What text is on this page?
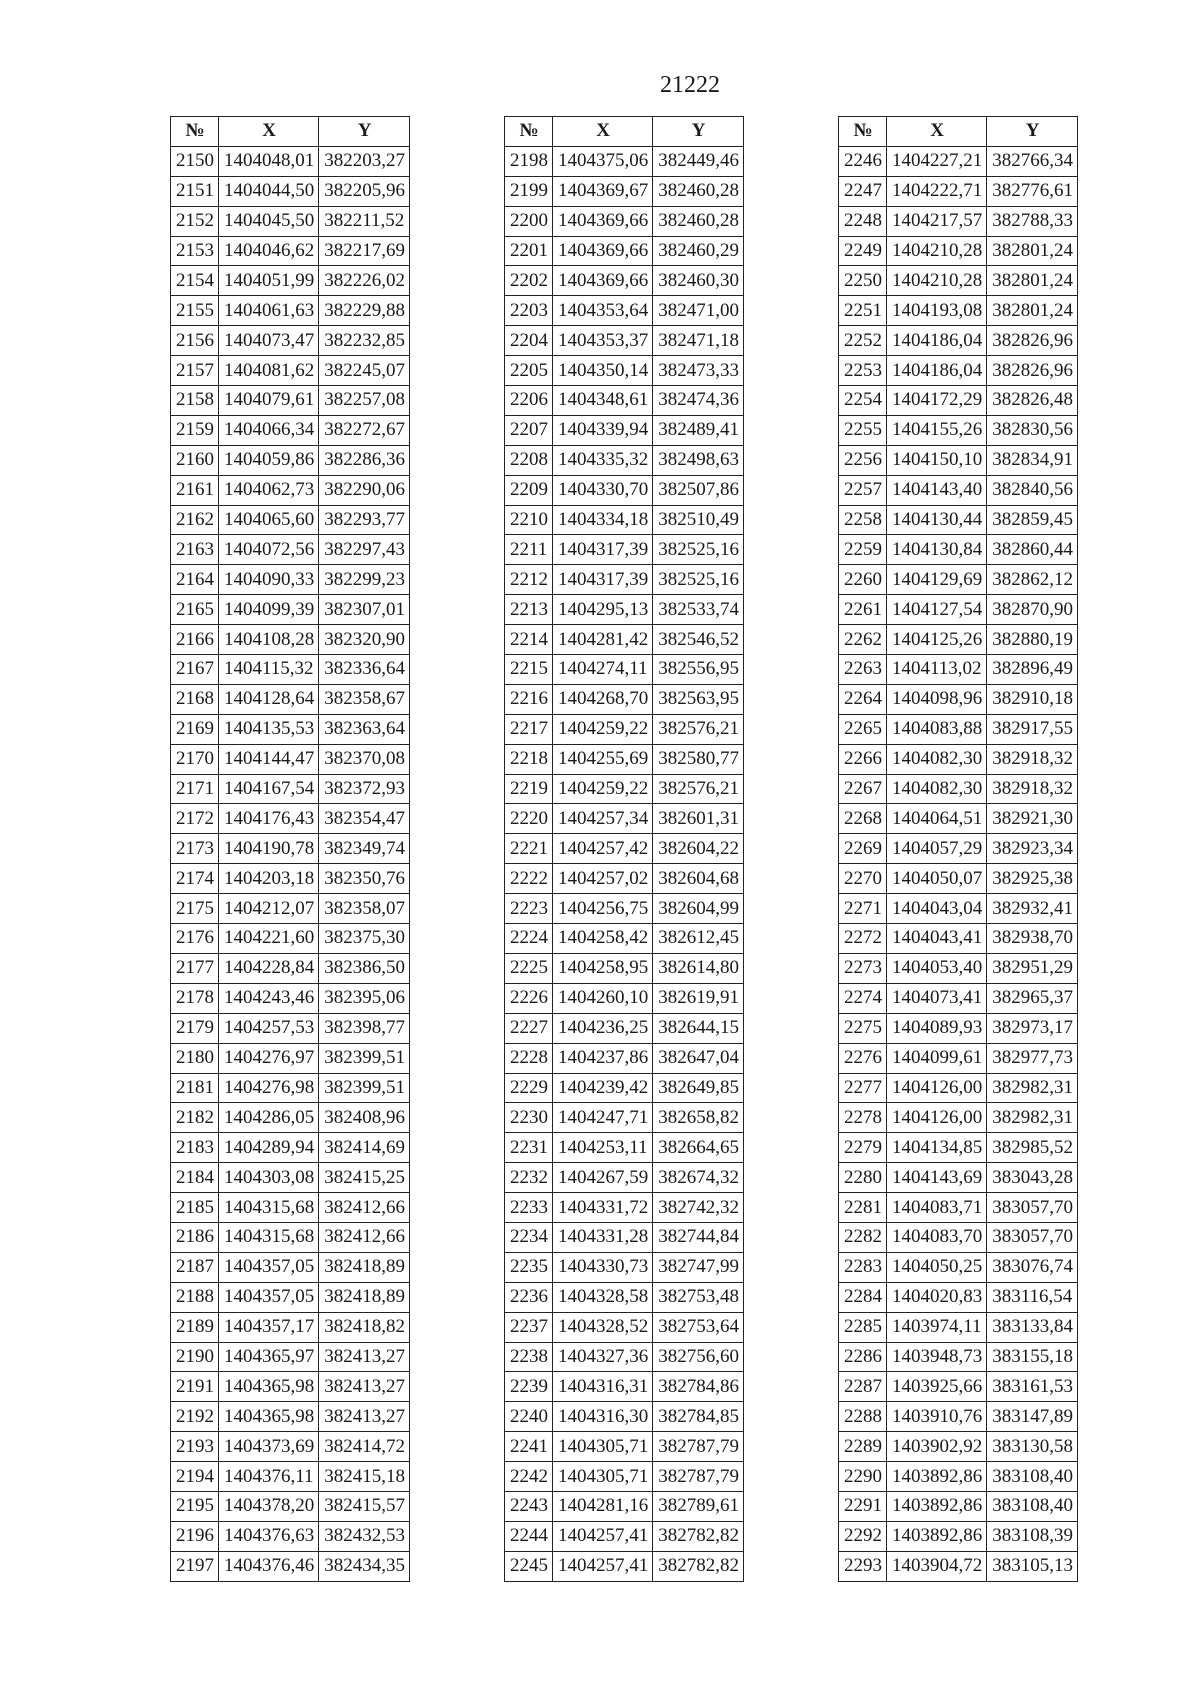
21222
№	X	Y
2150	1404048,01	382203,27
2151	1404044,50	382205,96
2152	1404045,50	382211,52
2153	1404046,62	382217,69
2154	1404051,99	382226,02
2155	1404061,63	382229,88
2156	1404073,47	382232,85
2157	1404081,62	382245,07
2158	1404079,61	382257,08
2159	1404066,34	382272,67
2160	1404059,86	382286,36
2161	1404062,73	382290,06
2162	1404065,60	382293,77
2163	1404072,56	382297,43
2164	1404090,33	382299,23
2165	1404099,39	382307,01
2166	1404108,28	382320,90
2167	1404115,32	382336,64
2168	1404128,64	382358,67
2169	1404135,53	382363,64
2170	1404144,47	382370,08
2171	1404167,54	382372,93
2172	1404176,43	382354,47
2173	1404190,78	382349,74
2174	1404203,18	382350,76
2175	1404212,07	382358,07
2176	1404221,60	382375,30
2177	1404228,84	382386,50
2178	1404243,46	382395,06
2179	1404257,53	382398,77
2180	1404276,97	382399,51
2181	1404276,98	382399,51
2182	1404286,05	382408,96
2183	1404289,94	382414,69
2184	1404303,08	382415,25
2185	1404315,68	382412,66
2186	1404315,68	382412,66
2187	1404357,05	382418,89
2188	1404357,05	382418,89
2189	1404357,17	382418,82
2190	1404365,97	382413,27
2191	1404365,98	382413,27
2192	1404365,98	382413,27
2193	1404373,69	382414,72
2194	1404376,11	382415,18
2195	1404378,20	382415,57
2196	1404376,63	382432,53
2197	1404376,46	382434,35
№	X	Y
2198	1404375,06	382449,46
2199	1404369,67	382460,28
2200	1404369,66	382460,28
2201	1404369,66	382460,29
2202	1404369,66	382460,30
2203	1404353,64	382471,00
2204	1404353,37	382471,18
2205	1404350,14	382473,33
2206	1404348,61	382474,36
2207	1404339,94	382489,41
2208	1404335,32	382498,63
2209	1404330,70	382507,86
2210	1404334,18	382510,49
2211	1404317,39	382525,16
2212	1404317,39	382525,16
2213	1404295,13	382533,74
2214	1404281,42	382546,52
2215	1404274,11	382556,95
2216	1404268,70	382563,95
2217	1404259,22	382576,21
2218	1404255,69	382580,77
2219	1404259,22	382576,21
2220	1404257,34	382601,31
2221	1404257,42	382604,22
2222	1404257,02	382604,68
2223	1404256,75	382604,99
2224	1404258,42	382612,45
2225	1404258,95	382614,80
2226	1404260,10	382619,91
2227	1404236,25	382644,15
2228	1404237,86	382647,04
2229	1404239,42	382649,85
2230	1404247,71	382658,82
2231	1404253,11	382664,65
2232	1404267,59	382674,32
2233	1404331,72	382742,32
2234	1404331,28	382744,84
2235	1404330,73	382747,99
2236	1404328,58	382753,48
2237	1404328,52	382753,64
2238	1404327,36	382756,60
2239	1404316,31	382784,86
2240	1404316,30	382784,85
2241	1404305,71	382787,79
2242	1404305,71	382787,79
2243	1404281,16	382789,61
2244	1404257,41	382782,82
2245	1404257,41	382782,82
№	X	Y
2246	1404227,21	382766,34
2247	1404222,71	382776,61
2248	1404217,57	382788,33
2249	1404210,28	382801,24
2250	1404210,28	382801,24
2251	1404193,08	382801,24
2252	1404186,04	382826,96
2253	1404186,04	382826,96
2254	1404172,29	382826,48
2255	1404155,26	382830,56
2256	1404150,10	382834,91
2257	1404143,40	382840,56
2258	1404130,44	382859,45
2259	1404130,84	382860,44
2260	1404129,69	382862,12
2261	1404127,54	382870,90
2262	1404125,26	382880,19
2263	1404113,02	382896,49
2264	1404098,96	382910,18
2265	1404083,88	382917,55
2266	1404082,30	382918,32
2267	1404082,30	382918,32
2268	1404064,51	382921,30
2269	1404057,29	382923,34
2270	1404050,07	382925,38
2271	1404043,04	382932,41
2272	1404043,41	382938,70
2273	1404053,40	382951,29
2274	1404073,41	382965,37
2275	1404089,93	382973,17
2276	1404099,61	382977,73
2277	1404126,00	382982,31
2278	1404126,00	382982,31
2279	1404134,85	382985,52
2280	1404143,69	383043,28
2281	1404083,71	383057,70
2282	1404083,70	383057,70
2283	1404050,25	383076,74
2284	1404020,83	383116,54
2285	1403974,11	383133,84
2286	1403948,73	383155,18
2287	1403925,66	383161,53
2288	1403910,76	383147,89
2289	1403902,92	383130,58
2290	1403892,86	383108,40
2291	1403892,86	383108,40
2292	1403892,86	383108,39
2293	1403904,72	383105,13
